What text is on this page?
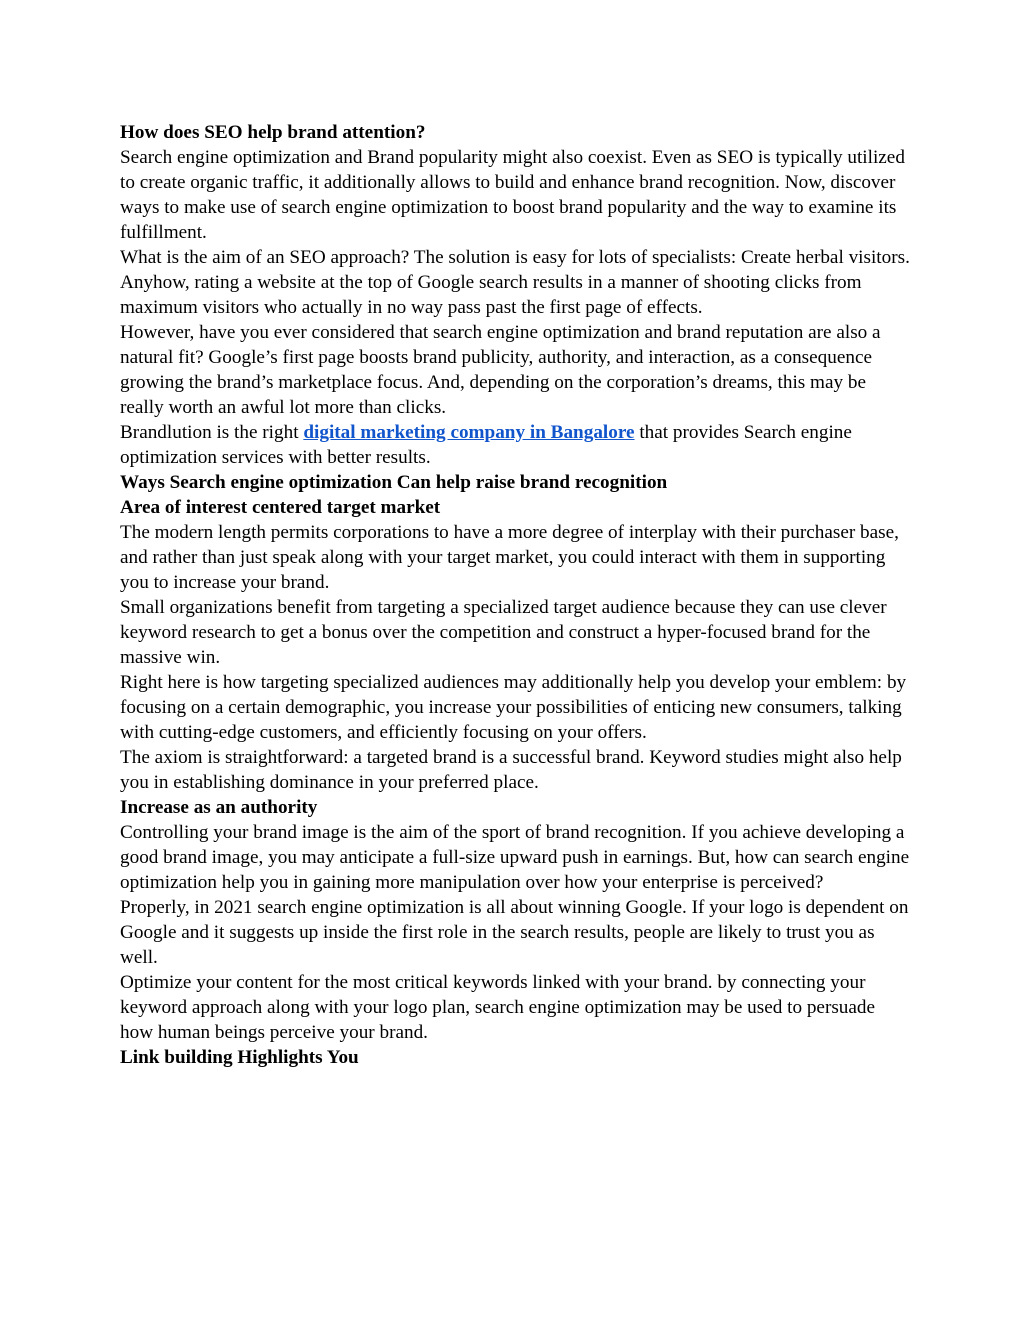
How does SEO help brand attention?

Search engine optimization and Brand popularity might also coexist. Even as SEO is typically utilized to create organic traffic, it additionally allows to build and enhance brand recognition. Now, discover ways to make use of search engine optimization to boost brand popularity and the way to examine its fulfillment.

What is the aim of an SEO approach? The solution is easy for lots of specialists: Create herbal visitors. Anyhow, rating a website at the top of Google search results in a manner of shooting clicks from maximum visitors who actually in no way pass past the first page of effects.

However, have you ever considered that search engine optimization and brand reputation are also a natural fit? Google’s first page boosts brand publicity, authority, and interaction, as a consequence growing the brand’s marketplace focus. And, depending on the corporation’s dreams, this may be really worth an awful lot more than clicks.

Brandlution is the right digital marketing company in Bangalore that provides Search engine optimization services with better results.

Ways Search engine optimization Can help raise brand recognition
Area of interest centered target market

The modern length permits corporations to have a more degree of interplay with their purchaser base, and rather than just speak along with your target market, you could interact with them in supporting you to increase your brand.

Small organizations benefit from targeting a specialized target audience because they can use clever keyword research to get a bonus over the competition and construct a hyper-focused brand for the massive win.

Right here is how targeting specialized audiences may additionally help you develop your emblem: by focusing on a certain demographic, you increase your possibilities of enticing new consumers, talking with cutting-edge customers, and efficiently focusing on your offers.

The axiom is straightforward: a targeted brand is a successful brand. Keyword studies might also help you in establishing dominance in your preferred place.

Increase as an authority

Controlling your brand image is the aim of the sport of brand recognition. If you achieve developing a good brand image, you may anticipate a full-size upward push in earnings. But, how can search engine optimization help you in gaining more manipulation over how your enterprise is perceived?

Properly, in 2021 search engine optimization is all about winning Google. If your logo is dependent on Google and it suggests up inside the first role in the search results, people are likely to trust you as well.

Optimize your content for the most critical keywords linked with your brand. by connecting your keyword approach along with your logo plan, search engine optimization may be used to persuade how human beings perceive your brand.

Link building Highlights You
